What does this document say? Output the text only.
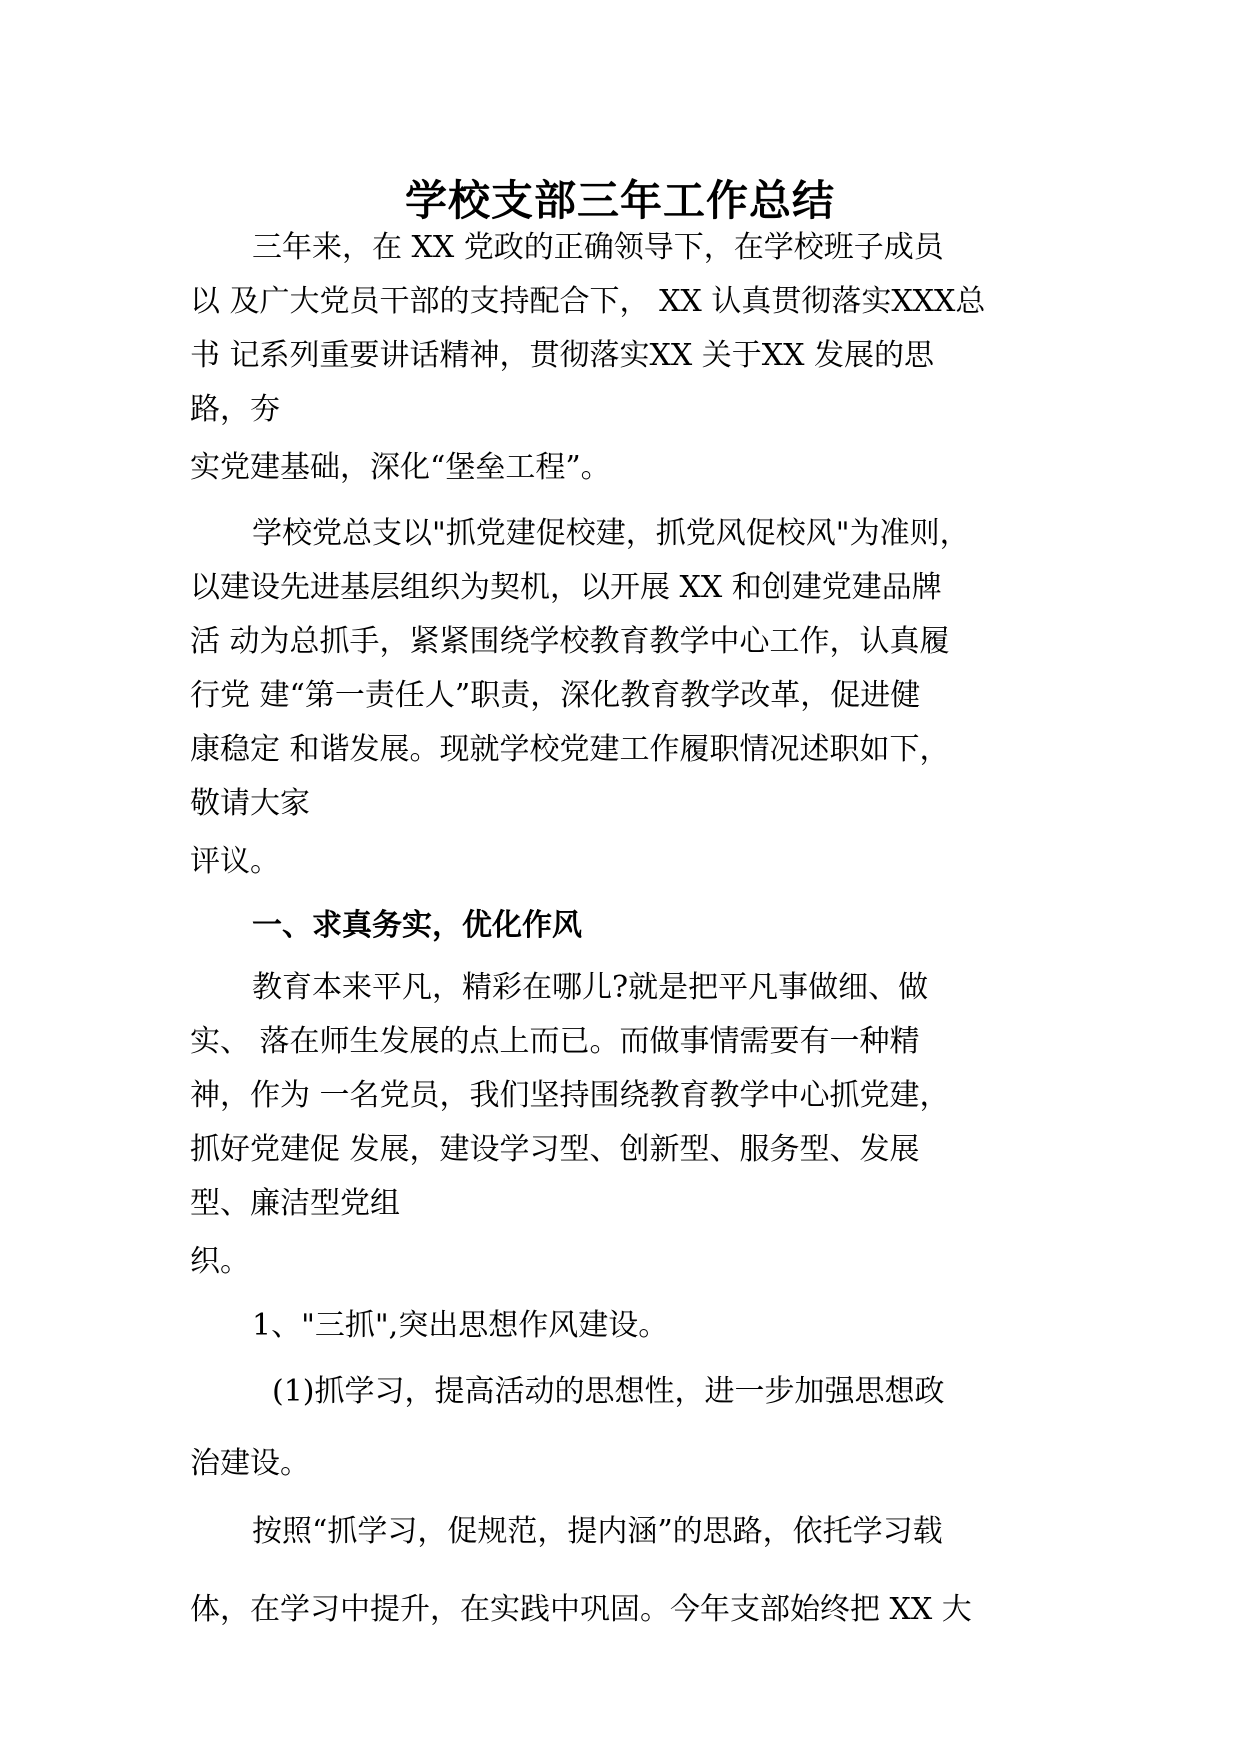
学校支部三年工作总结
三年来，在 XX 党政的正确领导下，在学校班子成员
以 及广大党员干部的支持配合下， XX 认真贯彻落实XXX总
书 记系列重要讲话精神，贯彻落实XX 关于XX 发展的思
路，夯
实党建基础，深化“堡垒工程”。
学校党总支以"抓党建促校建，抓党风促校风"为准则，
以建设先进基层组织为契机，以开展 XX 和创建党建品牌
活 动为总抓手，紧紧围绕学校教育教学中心工作，认真履
行党 建“第一责任人”职责，深化教育教学改革，促进健
康稳定 和谐发展。现就学校党建工作履职情况述职如下，
敬请大家
评议。
一、求真务实，优化作风
教育本来平凡，精彩在哪儿?就是把平凡事做细、做
实、 落在师生发展的点上而已。而做事情需要有一种精
神，作为 一名党员，我们坚持围绕教育教学中心抓党建，
抓好党建促 发展，建设学习型、创新型、服务型、发展
型、廉洁型党组
织。
1、"三抓",突出思想作风建设。
(1)抓学习，提高活动的思想性，进一步加强思想政
治建设。
按照“抓学习，促规范，提内涵”的思路，依托学习载
体，在学习中提升，在实践中巩固。今年支部始终把 XX 大
